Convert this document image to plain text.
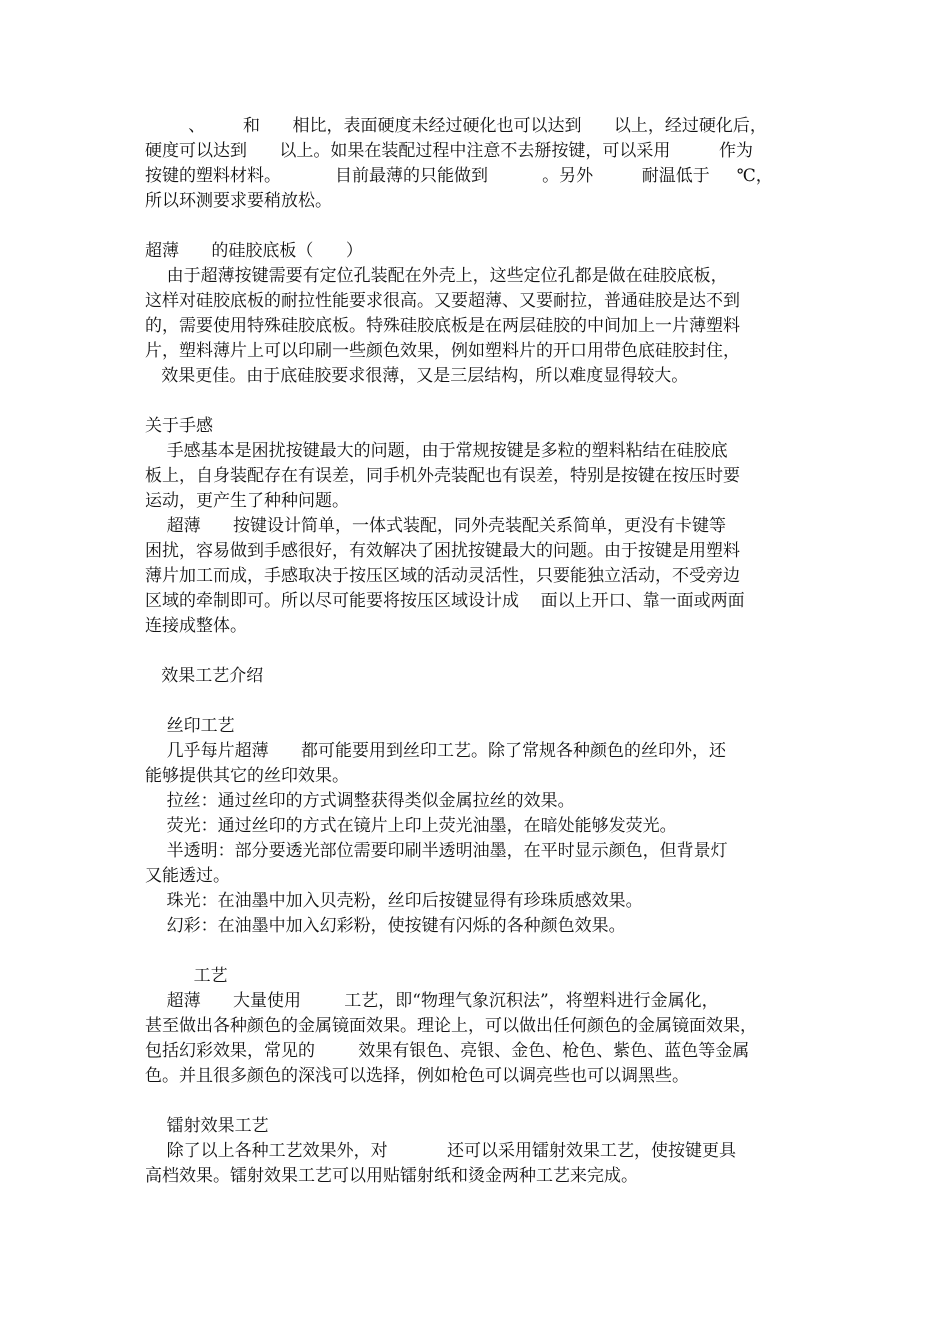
、       和      相比，表面硬度未经过硬化也可以达到      以上，经过硬化后，
硬度可以达到      以上。如果在装配过程中注意不去掰按键，可以采用         作为
按键的塑料材料。          目前最薄的只能做到          。另外         耐温低于     ℃，
所以环测要求要稍放松。
超薄      的硅胶底板（      ）
由于超薄按键需要有定位孔装配在外壳上，这些定位孔都是做在硅胶底板，
这样对硅胶底板的耐拉性能要求很高。又要超薄、又要耐拉，普通硅胶是达不到
的，需要使用特殊硅胶底板。特殊硅胶底板是在两层硅胶的中间加上一片薄塑料
片，塑料薄片上可以印刷一些颜色效果，例如塑料片的开口用带色底硅胶封住，
效果更佳。由于底硅胶要求很薄，又是三层结构，所以难度显得较大。
关于手感
手感基本是困扰按键最大的问题，由于常规按键是多粒的塑料粘结在硅胶底
板上，自身装配存在有误差，同手机外壳装配也有误差，特别是按键在按压时要
运动，更产生了种种问题。
超薄      按键设计简单，一体式装配，同外壳装配关系简单，更没有卡键等
困扰，容易做到手感很好，有效解决了困扰按键最大的问题。由于按键是用塑料
薄片加工而成，手感取决于按压区域的活动灵活性，只要能独立活动，不受旁边
区域的牵制即可。所以尽可能要将按压区域设计成    面以上开口、靠一面或两面
连接成整体。
效果工艺介绍
丝印工艺
几乎每片超薄      都可能要用到丝印工艺。除了常规各种颜色的丝印外，还
能够提供其它的丝印效果。
拉丝：通过丝印的方式调整获得类似金属拉丝的效果。
荧光：通过丝印的方式在镜片上印上荧光油墨，在暗处能够发荧光。
半透明：部分要透光部位需要印刷半透明油墨，在平时显示颜色，但背景灯
又能透过。
珠光：在油墨中加入贝壳粉，丝印后按键显得有珍珠质感效果。
幻彩：在油墨中加入幻彩粉，使按键有闪烁的各种颜色效果。
工艺
超薄      大量使用        工艺，即“物理气象沉积法”，将塑料进行金属化，
甚至做出各种颜色的金属镜面效果。理论上，可以做出任何颜色的金属镜面效果，
包括幻彩效果，常见的        效果有银色、亮银、金色、枪色、紫色、蓝色等金属
色。并且很多颜色的深浅可以选择，例如枪色可以调亮些也可以调黑些。
镭射效果工艺
除了以上各种工艺效果外，对           还可以采用镭射效果工艺，使按键更具
高档效果。镭射效果工艺可以用贴镭射纸和烫金两种工艺来完成。
